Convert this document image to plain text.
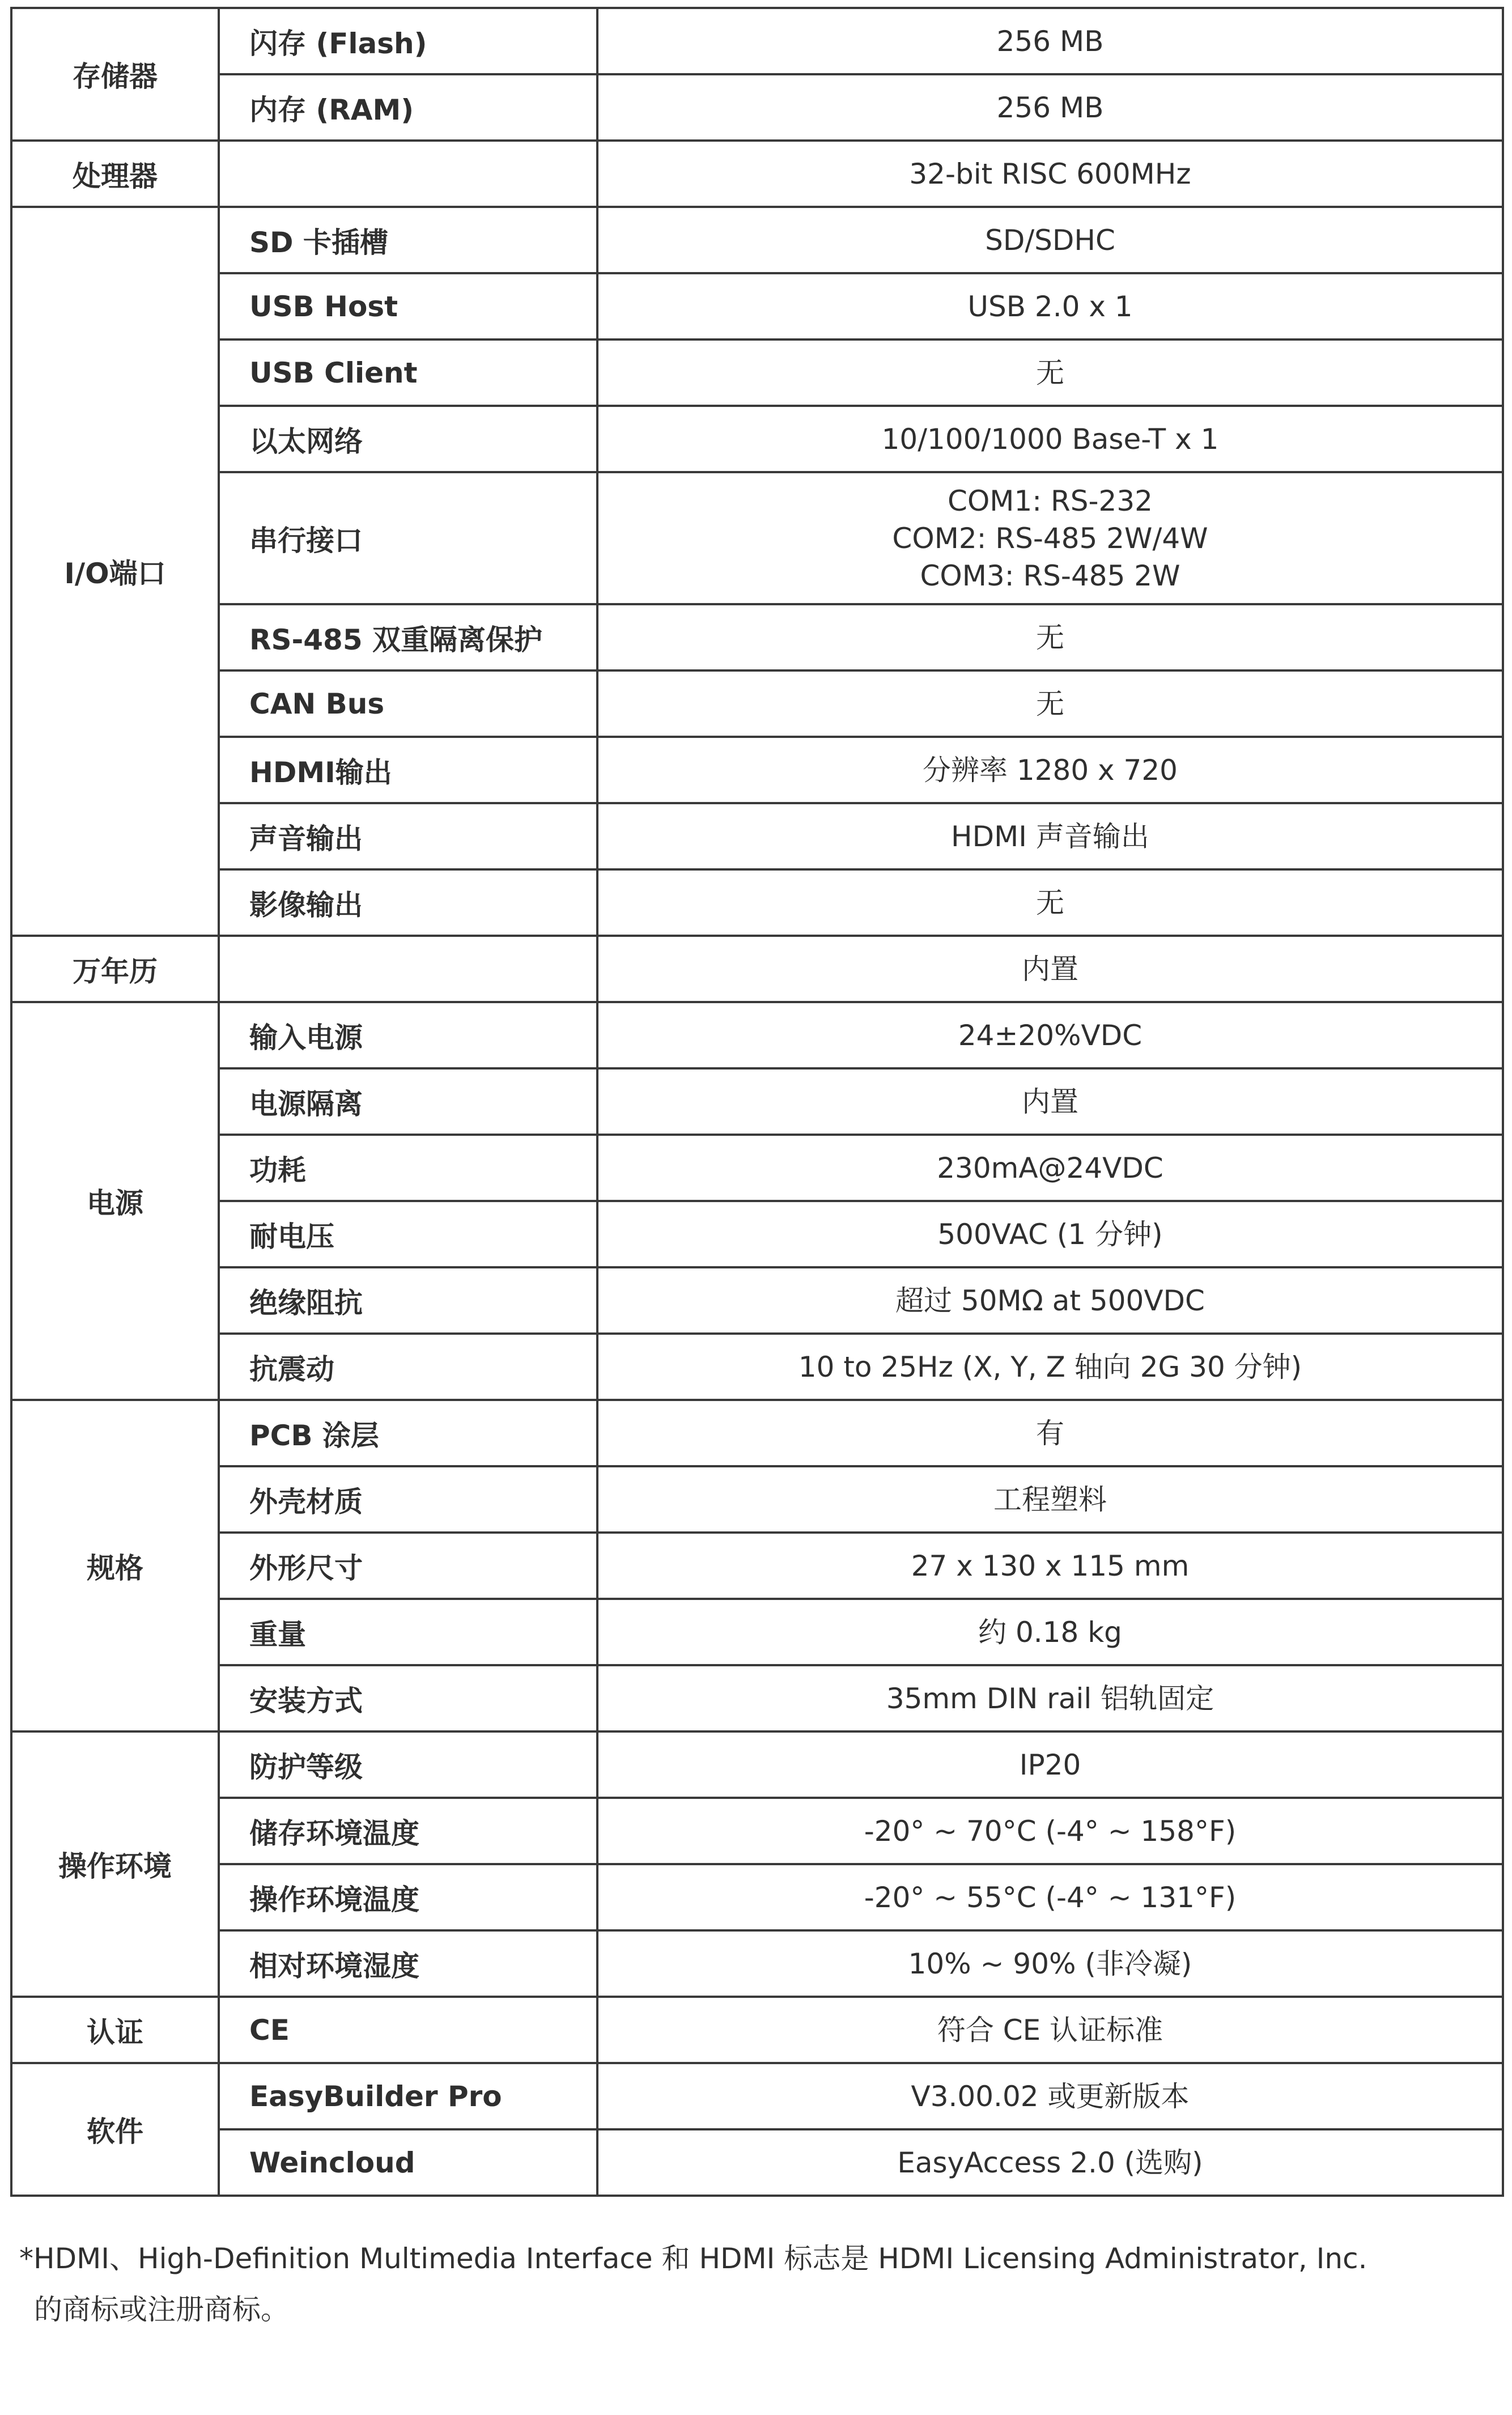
存储器	闪存 (Flash)	256 MB
	内存 (RAM)	256 MB
处理器		32-bit RISC 600MHz
I/O端口	SD 卡插槽	SD/SDHC
	USB Host	USB 2.0 x 1
	USB Client	无
	以太网络	10/100/1000 Base-T x 1
	串行接口	COM1: RS-232
COM2: RS-485 2W/4W
COM3: RS-485 2W
	RS-485 双重隔离保护	无
	CAN Bus	无
	HDMI输出	分辨率 1280 x 720
	声音输出	HDMI 声音输出
	影像输出	无
万年历		内置
电源	输入电源	24±20%VDC
	电源隔离	内置
	功耗	230mA@24VDC
	耐电压	500VAC (1 分钟)
	绝缘阻抗	超过 50MΩ at 500VDC
	抗震动	10 to 25Hz (X, Y, Z 轴向 2G 30 分钟)
规格	PCB 涂层	有
	外壳材质	工程塑料
	外形尺寸	27 x 130 x 115 mm
	重量	约 0.18 kg
	安装方式	35mm DIN rail 铝轨固定
操作环境	防护等级	IP20
	储存环境温度	-20° ~ 70°C (-4° ~ 158°F)
	操作环境温度	-20° ~ 55°C (-4° ~ 131°F)
	相对环境湿度	10% ~ 90% (非冷凝)
认证	CE	符合 CE 认证标准
软件	EasyBuilder Pro	V3.00.02 或更新版本
	Weincloud	EasyAccess 2.0 (选购)
*HDMI、High-Definition Multimedia Interface 和 HDMI 标志是 HDMI Licensing Administrator, Inc.
的商标或注册商标。
